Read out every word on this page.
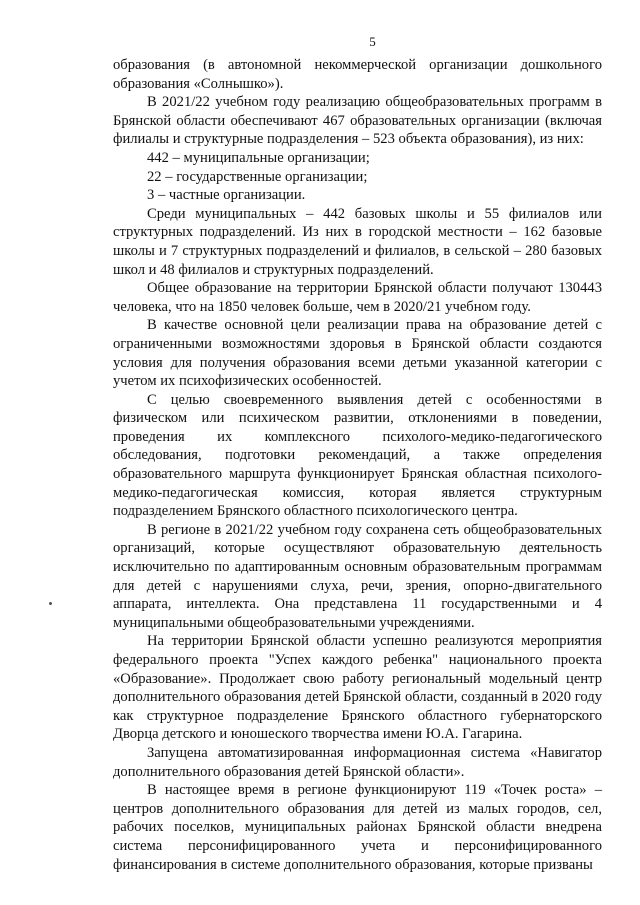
5

образования (в автономной некоммерческой организации дошкольного образования «Солнышко»).

В 2021/22 учебном году реализацию общеобразовательных программ в Брянской области обеспечивают 467 образовательных организации (включая филиалы и структурные подразделения – 523 объекта образования), из них:

442 – муниципальные организации;

22 – государственные организации;

3 – частные организации.

Среди муниципальных – 442 базовых школы и 55 филиалов или структурных подразделений. Из них в городской местности – 162 базовые школы и 7 структурных подразделений и филиалов, в сельской – 280 базовых школ и 48 филиалов и структурных подразделений.

Общее образование на территории Брянской области получают 130443 человека, что на 1850 человек больше, чем в 2020/21 учебном году.

В качестве основной цели реализации права на образование детей с ограниченными возможностями здоровья в Брянской области создаются условия для получения образования всеми детьми указанной категории с учетом их психофизических особенностей.

С целью своевременного выявления детей с особенностями в физическом или психическом развитии, отклонениями в поведении, проведения их комплексного психолого-медико-педагогического обследования, подготовки рекомендаций, а также определения образовательного маршрута функционирует Брянская областная психолого-медико-педагогическая комиссия, которая является структурным подразделением Брянского областного психологического центра.

В регионе в 2021/22 учебном году сохранена сеть общеобразовательных организаций, которые осуществляют образовательную деятельность исключительно по адаптированным основным образовательным программам для детей с нарушениями слуха, речи, зрения, опорно-двигательного аппарата, интеллекта. Она представлена 11 государственными и 4 муниципальными общеобразовательными учреждениями.

На территории Брянской области успешно реализуются мероприятия федерального проекта "Успех каждого ребенка" национального проекта «Образование». Продолжает свою работу региональный модельный центр дополнительного образования детей Брянской области, созданный в 2020 году как структурное подразделение Брянского областного губернаторского Дворца детского и юношеского творчества имени Ю.А. Гагарина.

Запущена автоматизированная информационная система «Навигатор дополнительного образования детей Брянской области».

В настоящее время в регионе функционируют 119 «Точек роста» – центров дополнительного образования для детей из малых городов, сел, рабочих поселков, муниципальных районах Брянской области внедрена система персонифицированного учета и персонифицированного финансирования в системе дополнительного образования, которые призваны
